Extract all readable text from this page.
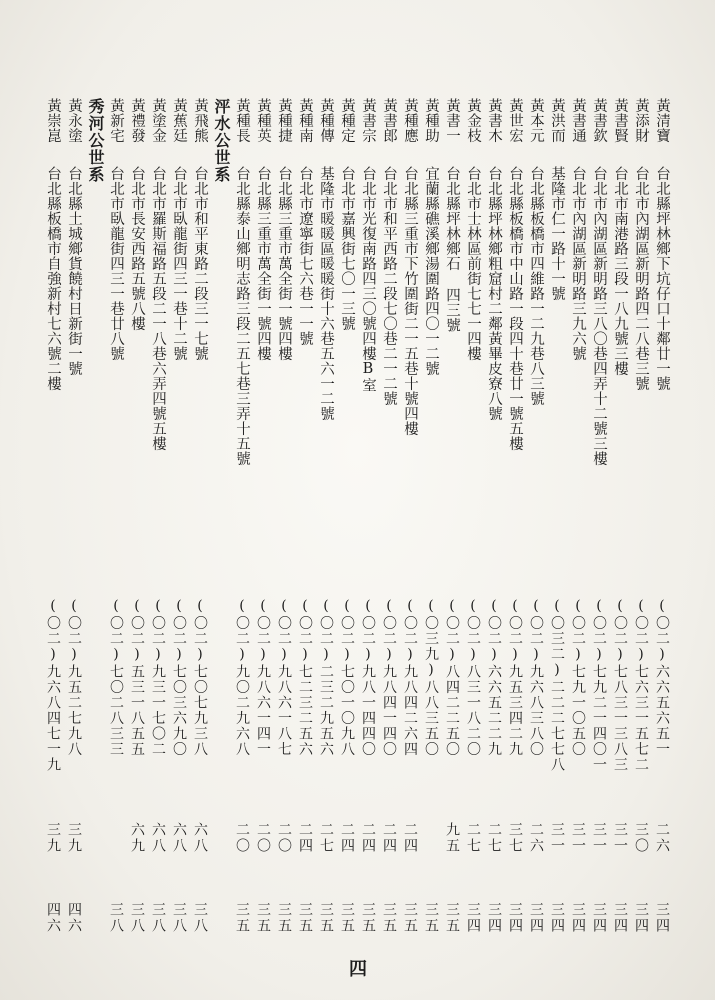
黃清寶
台北縣坪林鄉下坑仔口十鄰廿一號
(〇二)六六五六五一
二六
三四
黃添財
台北市內湖區新明路四二八巷三號
(〇二)七六三一五七二
三〇
三四
黃書賢
台北市南港路三段一八九號三樓
(〇二)七八三一三八三
三一
三四
黃書欽
台北市內湖區新明路三八〇巷四弄十二號三樓
(〇二)七九二一四〇一
三一
三四
黃書通
台北市內湖區新明路三九六號
(〇二)七九一〇五〇
三一
三四
黃洪而
基隆市仁一路十一號
(〇三二)二二二七七八
三一
三四
黃本元
台北縣板橋市四維路一二九巷八三號
(〇二)九六八三八〇
二六
三四
黃世宏
台北縣板橋市中山路一段四十巷廿一號五樓
(〇二)九五三四二九
三七
三四
黃書木
台北縣坪林鄉粗窟村二鄰黃畢皮寮八號
(〇二)六六五二二九
二七
三四
黃金枝
台北市士林區前街七七一四樓
(〇二)八三一八二〇
二七
三四
黃書一
台北縣坪林鄉石 四三號
(〇二)八四二二五〇
九五
三五
黃種助
宜蘭縣礁溪鄉湯圍路四〇一二號
(〇三九)八八三五〇
三五
黃種應
台北縣三重市下竹圍街二一五巷十號四樓
(〇二)九八四二六四
二四
三五
黃書郎
台北市和平西路二段七〇巷二一二號
(〇二)九八四一四〇
二四
三五
黃書宗
台北市光復南路四三〇號四樓B室
(〇二)九八一四四〇
二四
三五
黃種定
台北市嘉興街七〇一三號
(〇二)七〇一〇九八
二四
三五
黃種傳
基隆市暖暖區暖暖街十六巷五六一二號
(〇二)二三二九五六
二七
三五
黃種南
台北市遼寧街七六巷一一號
(〇二)七二三二五六
二四
三五
黃種捷
台北縣三重市萬全街一號四樓
(〇二)九八六一八七
二〇
三五
黃種英
台北縣三重市萬全街一號四樓
(〇二)九八六一四一
二〇
三五
黃種長
台北縣泰山鄉明志路三段二五七巷三弄十五號
(〇二)九〇二九六八
二〇
三五
泙水公世系
黃飛熊
台北市和平東路二段三一七號
(〇二)七〇七九三八
六八
三八
黃蕉廷
台北市臥龍街四三一巷十二號
(〇二)七〇三六九〇
六八
三八
黃塗金
台北市羅斯福路五段二一八巷六弄四號五樓
(〇二)九三一七〇二
六八
三八
黃禮發
台北市長安西路五號八樓
(〇二)五三一八五五
六九
三八
黃新宅
台北市臥龍街四三一巷廿八號
(〇二)七〇二八三三
三八
秀河公世系
黃永塗
台北縣土城鄉貨饒村日新街一號
(〇二)九五二七九八
三九
四六
黃崇崑
台北縣板橋市自強新村七六號二樓
(〇二)九六八四七一九
三九
四六
四
